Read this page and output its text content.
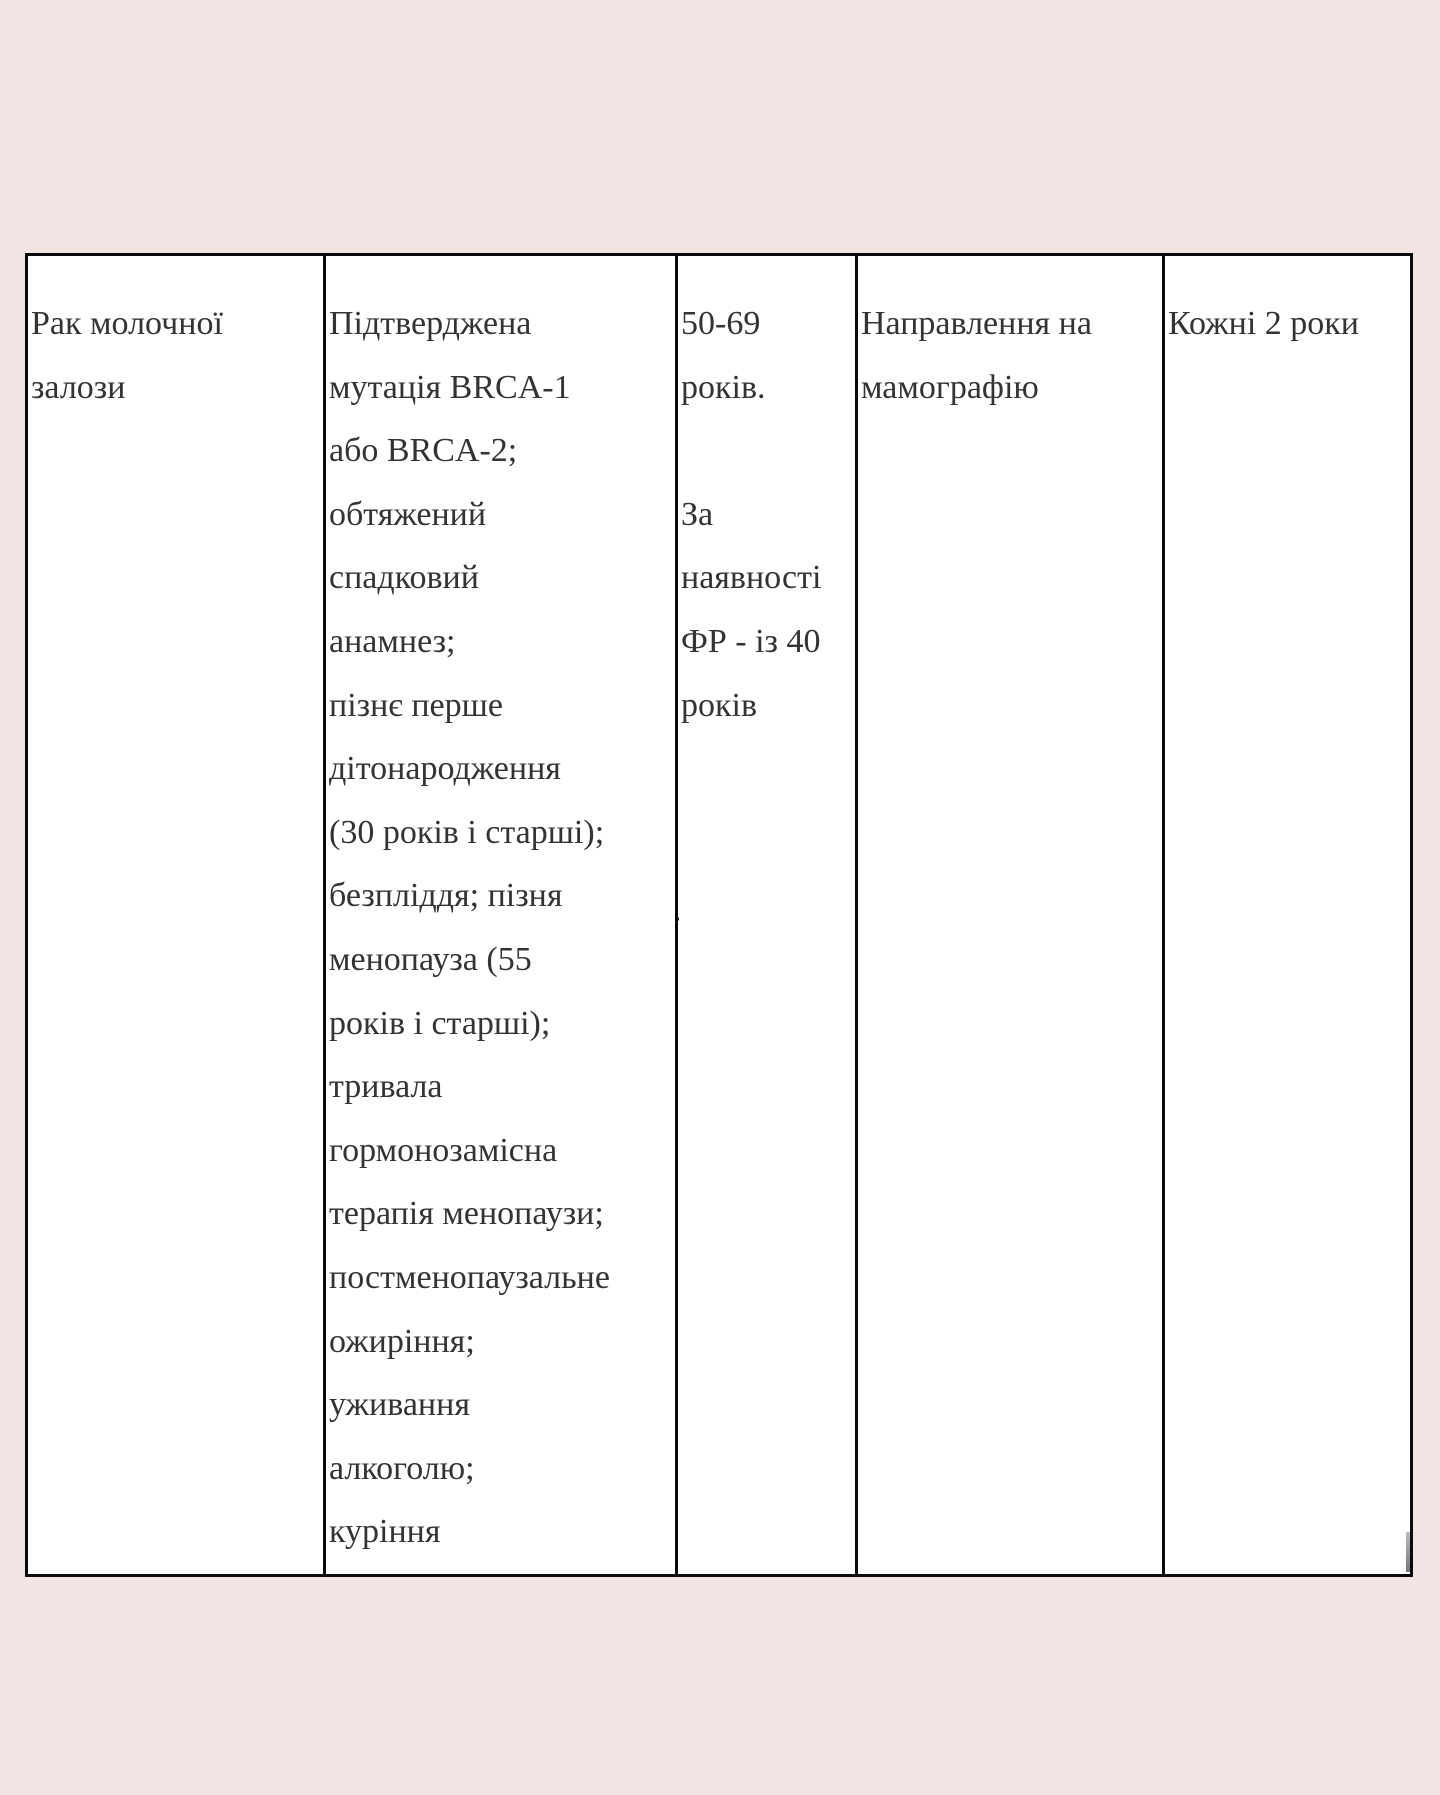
Рак молочної
залози
Підтверджена
мутація BRCA-1
або BRCA-2;
обтяжений
спадковий
анамнез;
пізнє перше
дітонародження
(30 років і старші);
безпліддя; пізня
менопауза (55
років і старші);
тривала
гормонозамісна
терапія менопаузи;
постменопаузальне
ожиріння;
уживання
алкоголю;
куріння
50-69
років.
За
наявності
ФР - із 40
років
Направлення на
мамографію
Кожні 2 роки
